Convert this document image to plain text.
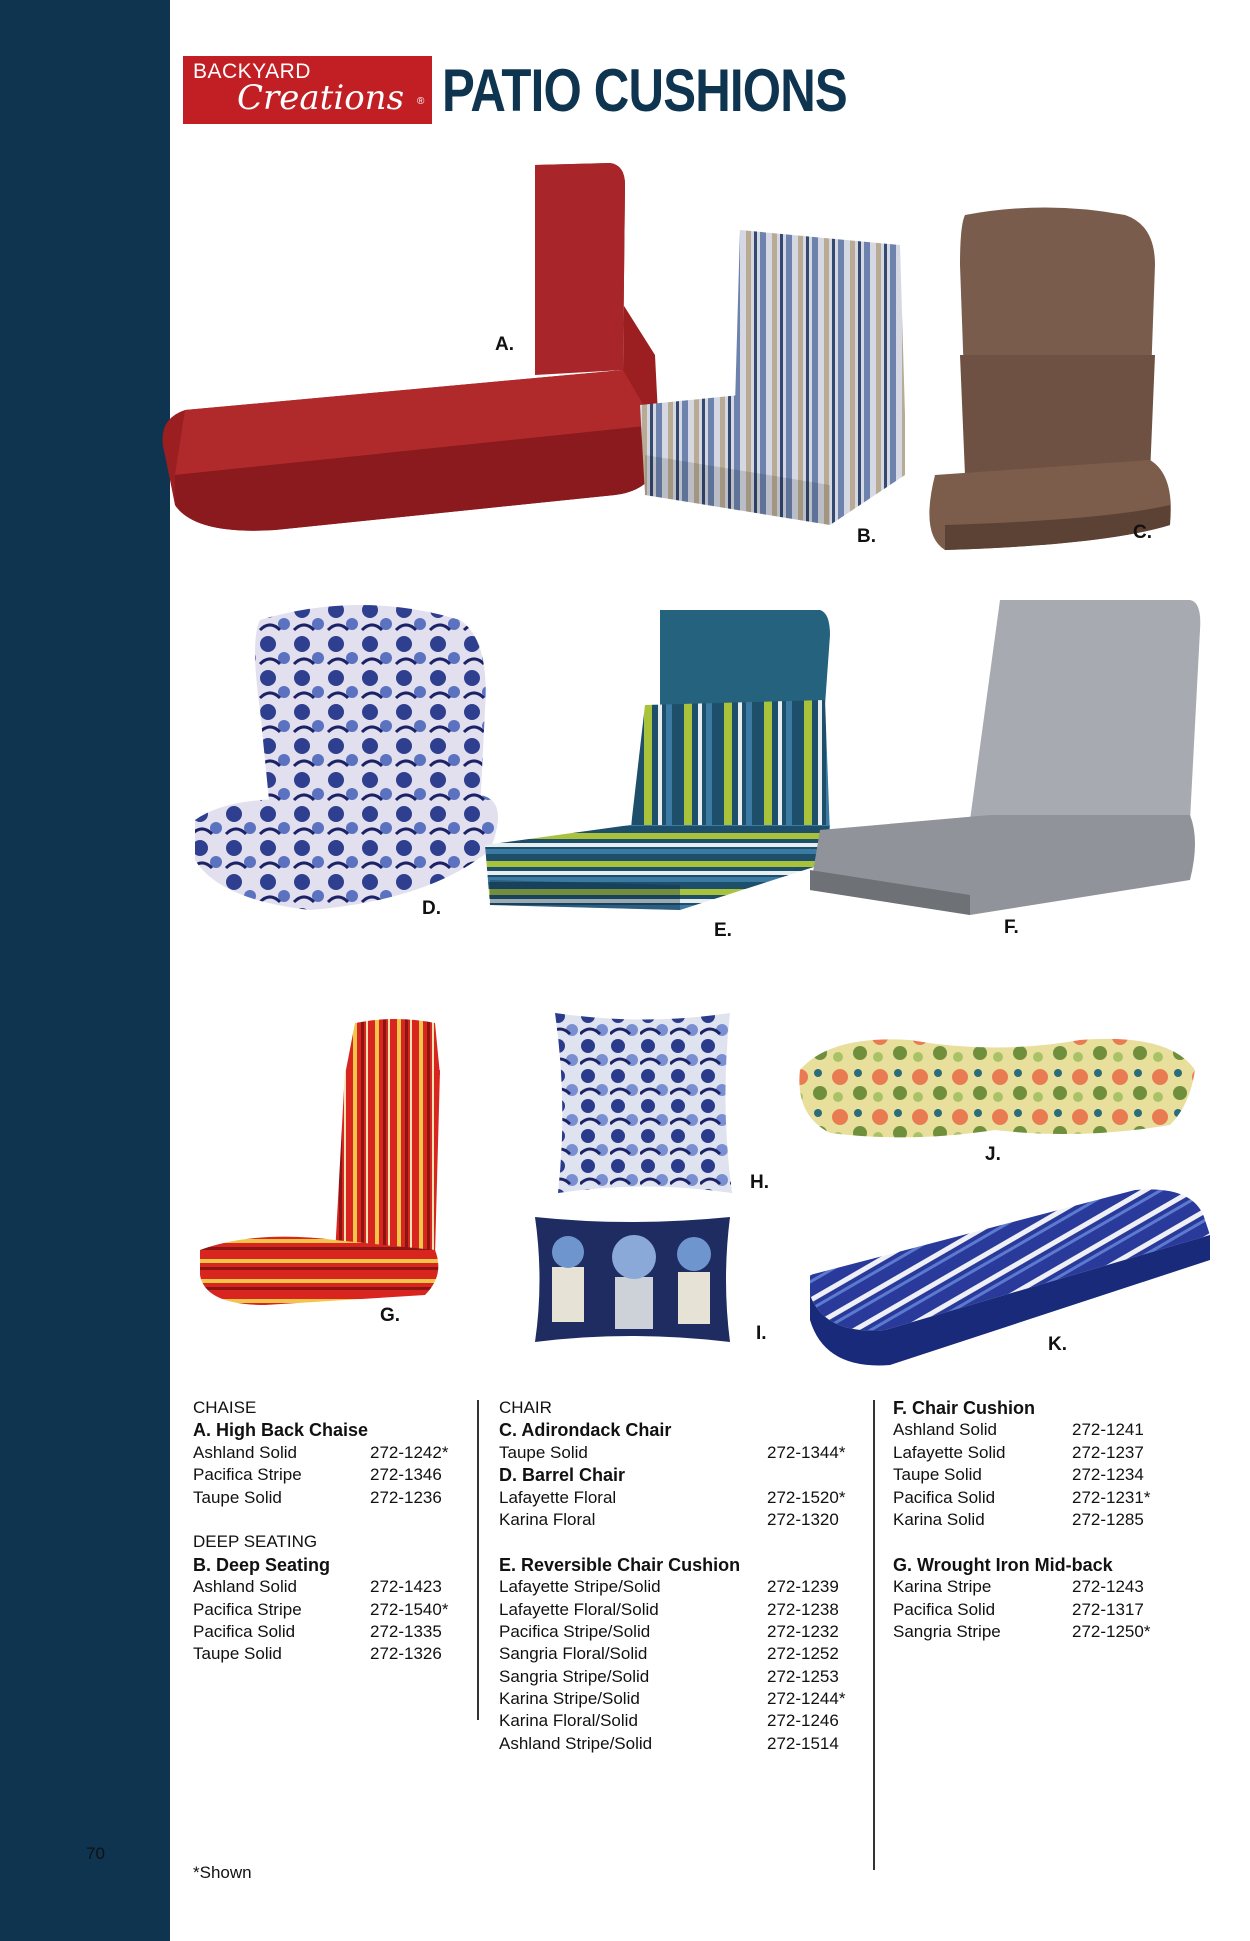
70
BACKYARD
Creations ® PATIO CUSHIONS
A.
B.	C.
D.
E.	F.
G.
H.
I.
J.
K.
CHAISE
A. High Back Chaise
Ashland Solid	272-1242*
Pacifica Stripe	272-1346
Taupe Solid	272-1236
DEEP SEATING
B. Deep Seating
Ashland Solid	272-1423
Pacifica Stripe	272-1540*
Pacifica Solid	272-1335
Taupe Solid	272-1326
CHAIR
C. Adirondack Chair
Taupe Solid	272-1344*
D. Barrel Chair
Lafayette Floral	272-1520*
Karina Floral	272-1320
E. Reversible Chair Cushion
Lafayette Stripe/Solid	272-1239
Lafayette Floral/Solid	272-1238
Pacifica Stripe/Solid	272-1232
Sangria Floral/Solid	272-1252
Sangria Stripe/Solid	272-1253
Karina Stripe/Solid	272-1244*
Karina Floral/Solid	272-1246
Ashland Stripe/Solid	272-1514
F. Chair Cushion
Ashland Solid	272-1241
Lafayette Solid	272-1237
Taupe Solid	272-1234
Pacifica Solid	272-1231*
Karina Solid	272-1285
G. Wrought Iron Mid-back
Karina Stripe	272-1243
Pacifica Solid	272-1317
Sangria Stripe	272-1250*
*Shown
